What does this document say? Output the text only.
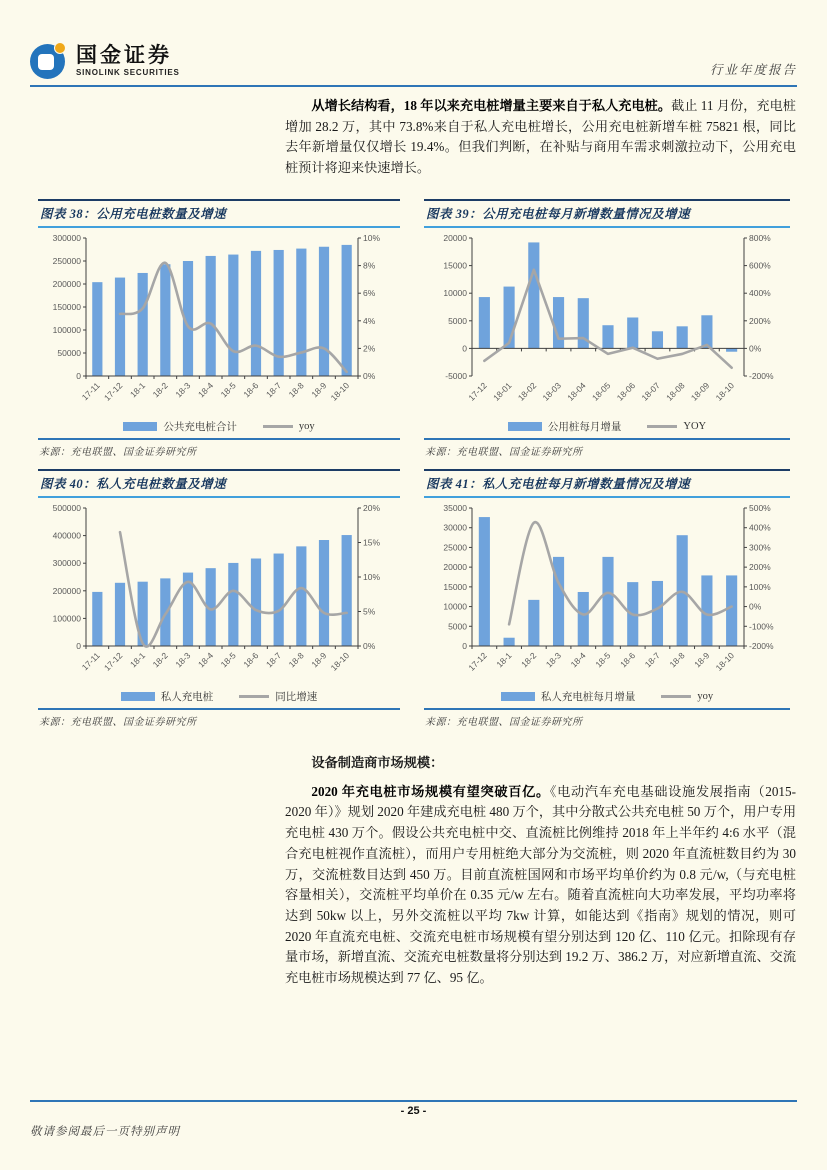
国金证券
SINOLINK SECURITIES	行业年度报告
从增长结构看，18 年以来充电桩增量主要来自于私人充电桩。截止 11 月份，充电桩增加 28.2 万，其中 73.8%来自于私人充电桩增长，公用充电桩新增车桩 75821 根，同比去年新增量仅仅增长 19.4%。但我们判断，在补贴与商用车需求刺激拉动下，公用充电桩预计将迎来快速增长。
图表 38：公用充电桩数量及增速
0
50000
100000
150000
200000
250000
300000
0%
2%
4%
6%
8%
10%
17-11 17-12 18-1 18-2 18-3 18-4 18-5 18-6 18-7 18-8 18-9 18-10
公共充电桩合计	yoy
来源：充电联盟、国金证券研究所
图表 39：公用充电桩每月新增数量情况及增速
-5000
0
5000
10000
15000
20000
-200%
0%
200%
400%
600%
800%
17-12 18-01 18-02 18-03 18-04 18-05 18-06 18-07 18-08 18-09 18-10
公用桩每月增量	YOY
来源：充电联盟、国金证券研究所
图表 40：私人充电桩数量及增速
0
100000
200000
300000
400000
500000
0%
5%
10%
15%
20%
17-11 17-12 18-1 18-2 18-3 18-4 18-5 18-6 18-7 18-8 18-9 18-10
私人充电桩	同比增速
来源：充电联盟、国金证券研究所
图表 41：私人充电桩每月新增数量情况及增速
0
5000
10000
15000
20000
25000
30000
35000
-200%
-100%
0%
100%
200%
300%
400%
500%
17-12 18-1 18-2 18-3 18-4 18-5 18-6 18-7 18-8 18-9 18-10
私人充电桩每月增量	yoy
来源：充电联盟、国金证券研究所
设备制造商市场规模：

2020 年充电桩市场规模有望突破百亿。《电动汽车充电基础设施发展指南（2015-2020 年）》规划 2020 年建成充电桩 480 万个，其中分散式公共充电桩 50 万个，用户专用充电桩 430 万个。假设公共充电桩中交、直流桩比例维持 2018 年上半年约 4:6 水平（混合充电桩视作直流桩），而用户专用桩绝大部分为交流桩，则 2020 年直流桩数目约为 30 万，交流桩数目达到 450 万。目前直流桩国网和市场平均单价约为 0.8 元/w,（与充电桩容量相关），交流桩平均单价在 0.35 元/w 左右。随着直流桩向大功率发展，平均功率将达到 50kw 以上，另外交流桩以平均 7kw 计算，如能达到《指南》规划的情况，则可 2020 年直流充电桩、交流充电桩市场规模有望分别达到 120 亿、110 亿元。扣除现有存量市场，新增直流、交流充电桩数量将分别达到 19.2 万、386.2 万，对应新增直流、交流充电桩市场规模达到 77 亿、95 亿。

- 25 -
敬请参阅最后一页特别声明
